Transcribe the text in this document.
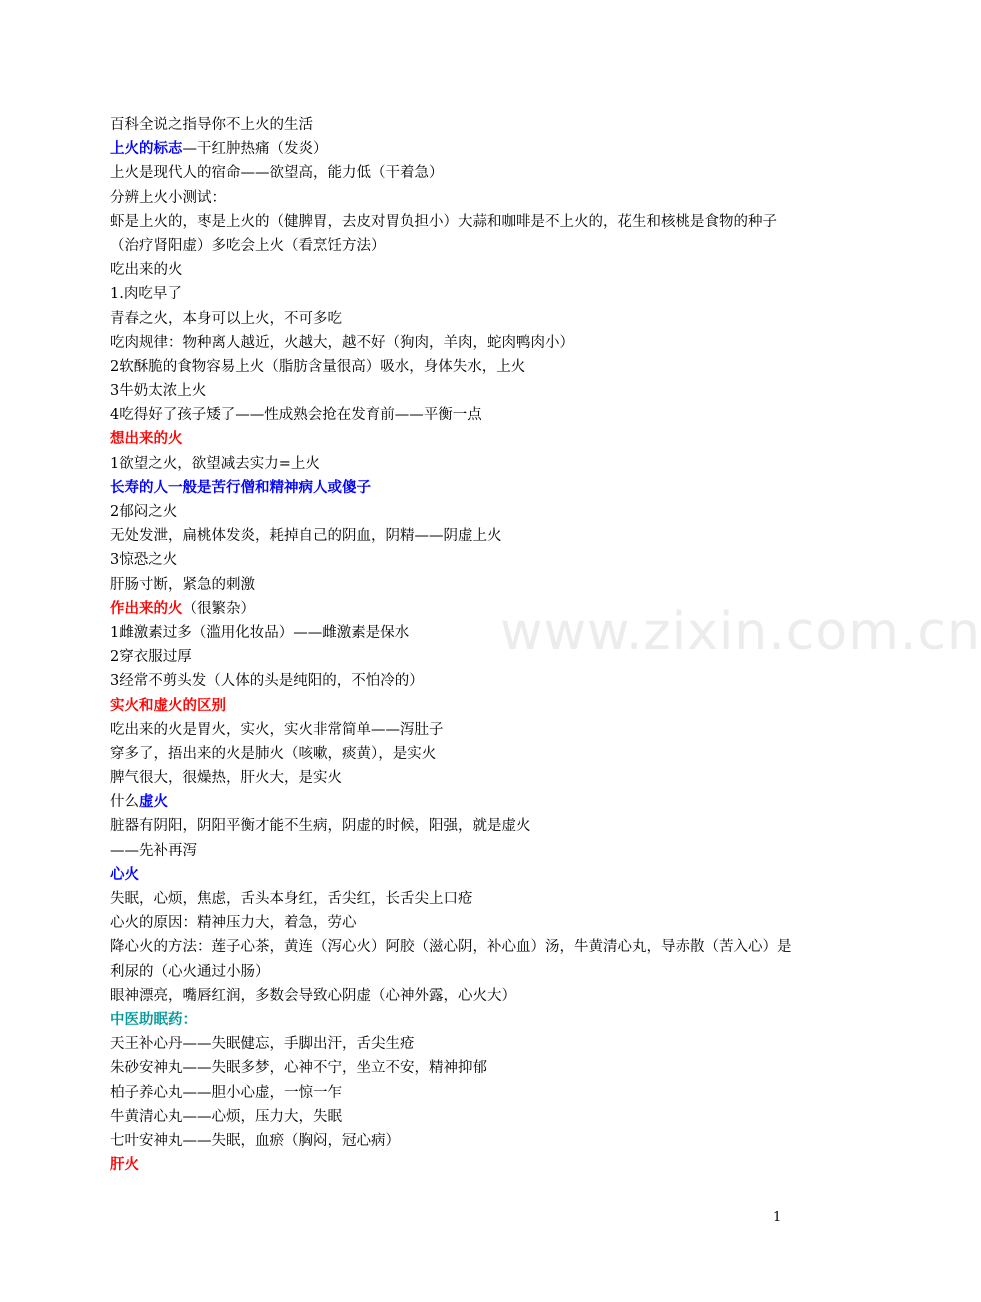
www.zixin.com.cn
百科全说之指导你不上火的生活
上火的标志—干红肿热痛（发炎）
上火是现代人的宿命——欲望高，能力低（干着急）
分辨上火小测试：
虾是上火的，枣是上火的（健脾胃，去皮对胃负担小）大蒜和咖啡是不上火的，花生和核桃是食物的种子（治疗肾阳虚）多吃会上火（看烹饪方法）
吃出来的火
1.肉吃早了
青春之火，本身可以上火，不可多吃
吃肉规律：物种离人越近，火越大，越不好（狗肉，羊肉，蛇肉鸭肉小）
2软酥脆的食物容易上火（脂肪含量很高）吸水，身体失水，上火
3牛奶太浓上火
4吃得好了孩子矮了——性成熟会抢在发育前——平衡一点
想出来的火
1欲望之火，欲望减去实力=上火
长寿的人一般是苦行僧和精神病人或傻子
2郁闷之火
无处发泄，扁桃体发炎，耗掉自己的阴血，阴精——阴虚上火
3惊恐之火
肝肠寸断，紧急的刺激
作出来的火（很繁杂）
1雌激素过多（滥用化妆品）——雌激素是保水
2穿衣服过厚
3经常不剪头发（人体的头是纯阳的，不怕冷的）
实火和虚火的区别
吃出来的火是胃火，实火，实火非常简单——泻肚子
穿多了，捂出来的火是肺火（咳嗽，痰黄），是实火
脾气很大，很燥热，肝火大，是实火
什么虚火
脏器有阴阳，阴阳平衡才能不生病，阴虚的时候，阳强，就是虚火
——先补再泻
心火
失眠，心烦，焦虑，舌头本身红，舌尖红，长舌尖上口疮
心火的原因：精神压力大，着急，劳心
降心火的方法：莲子心茶，黄连（泻心火）阿胶（滋心阴，补心血）汤，牛黄清心丸，导赤散（苦入心）是利尿的（心火通过小肠）
眼神漂亮，嘴唇红润，多数会导致心阴虚（心神外露，心火大）
中医助眠药：
天王补心丹——失眠健忘，手脚出汗，舌尖生疮
朱砂安神丸——失眠多梦，心神不宁，坐立不安，精神抑郁
柏子养心丸——胆小心虚，一惊一乍
牛黄清心丸——心烦，压力大，失眠
七叶安神丸——失眠，血瘀（胸闷，冠心病）
肝火
1
